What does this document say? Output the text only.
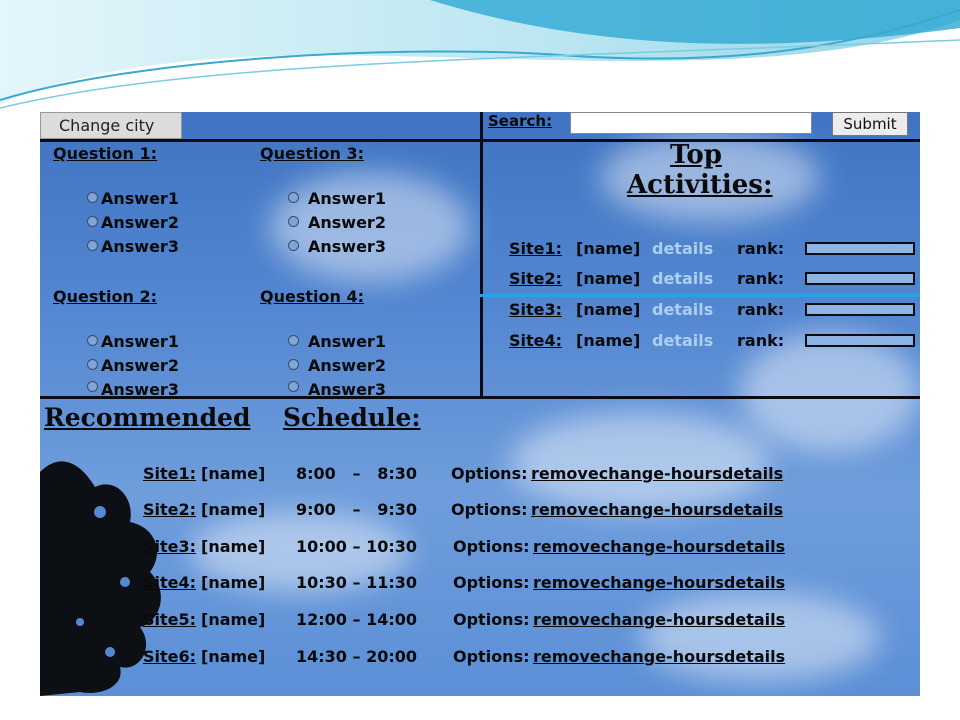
Change city	Search:	Submit
Question 1:
Answer1
Answer2
Answer3
Question 3:
Answer1
Answer2
Answer3
Question 2:
Answer1
Answer2
Answer3
Question 4:
Answer1
Answer2
Answer3
Top
Activities:
Site1: [name] details rank:
Site2: [name] details rank:
Site3: [name] details rank:
Site4: [name] details rank:
Recommended Schedule:
Site1: [name] 8:00   –   8:30 Options: removechange-hoursdetails
Site2: [name] 9:00   –   9:30 Options: removechange-hoursdetails
Site3: [name] 10:00 – 10:30 Options: removechange-hoursdetails
Site4: [name] 10:30 – 11:30 Options: removechange-hoursdetails
Site5: [name] 12:00 – 14:00 Options: removechange-hoursdetails
Site6: [name] 14:30 – 20:00 Options: removechange-hoursdetails
